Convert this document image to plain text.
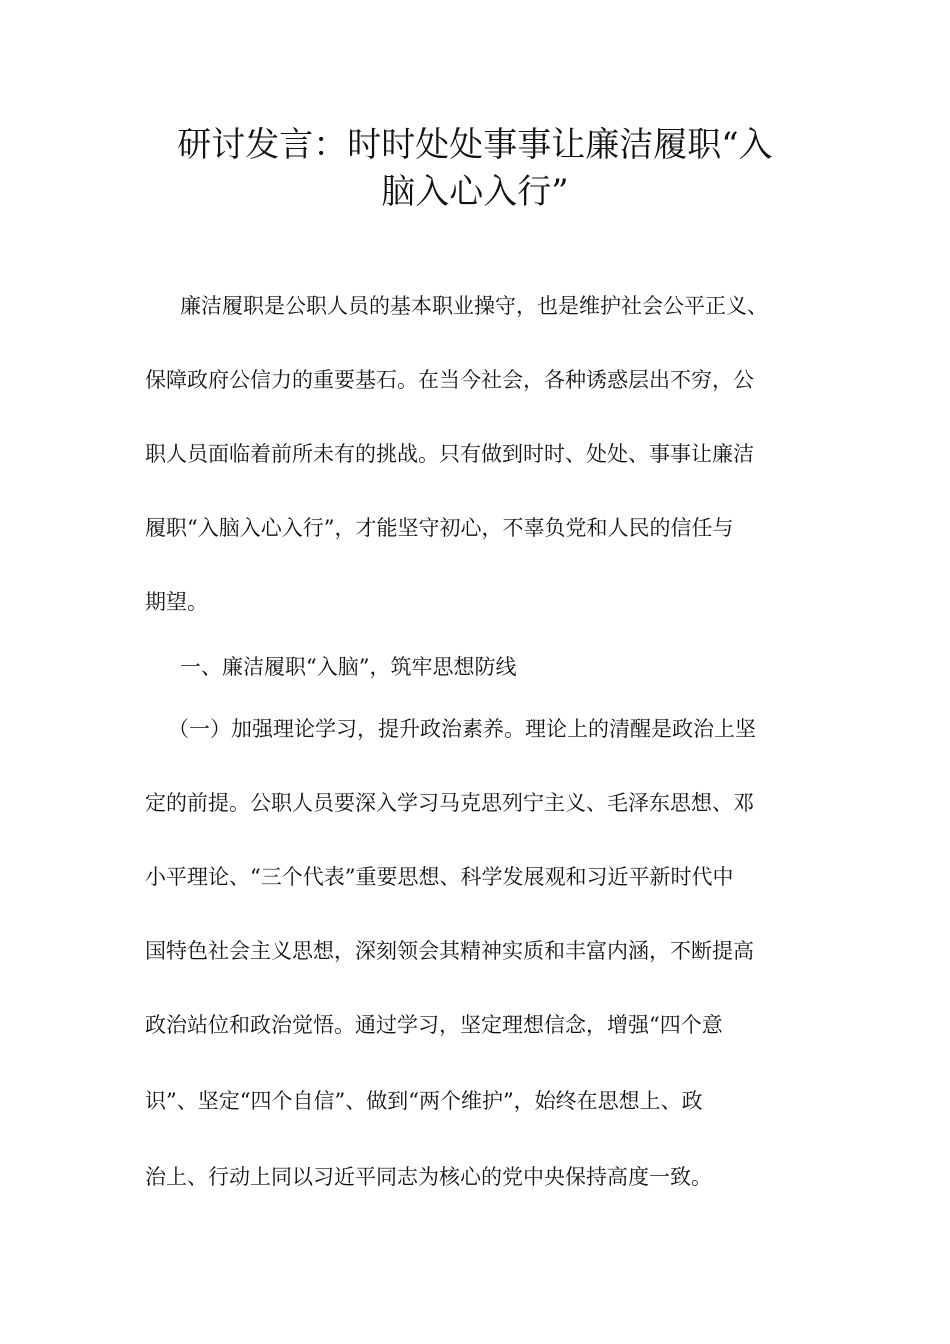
研讨发言：时时处处事事让廉洁履职“入
脑入心入行”
廉洁履职是公职人员的基本职业操守，也是维护社会公平正义、
保障政府公信力的重要基石。在当今社会，各种诱惑层出不穷，公
职人员面临着前所未有的挑战。只有做到时时、处处、事事让廉洁
履职“入脑入心入行”，才能坚守初心，不辜负党和人民的信任与
期望。
一、廉洁履职“入脑”，筑牢思想防线
（一）加强理论学习，提升政治素养。理论上的清醒是政治上坚
定的前提。公职人员要深入学习马克思列宁主义、毛泽东思想、邓
小平理论、“三个代表”重要思想、科学发展观和习近平新时代中
国特色社会主义思想，深刻领会其精神实质和丰富内涵，不断提高
政治站位和政治觉悟。通过学习，坚定理想信念，增强“四个意
识”、坚定“四个自信”、做到“两个维护”，始终在思想上、政
治上、行动上同以习近平同志为核心的党中央保持高度一致。
